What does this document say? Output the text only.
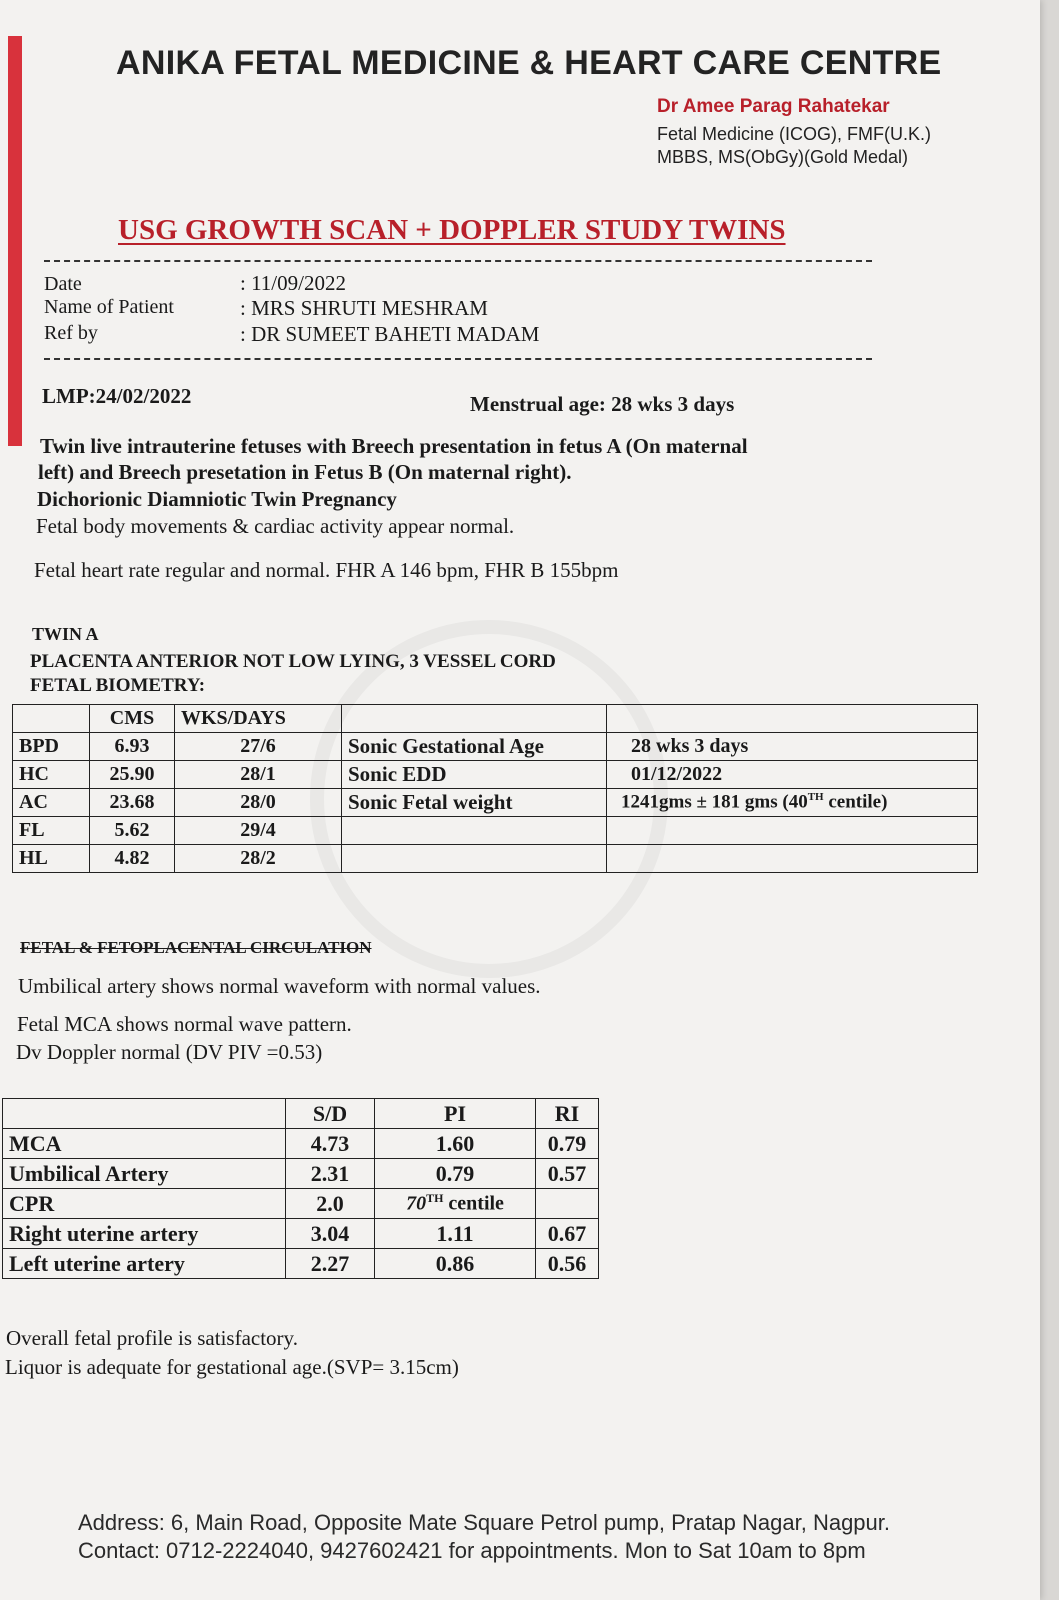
ANIKA FETAL MEDICINE & HEART CARE CENTRE
Dr Amee Parag Rahatekar
Fetal Medicine (ICOG), FMF(U.K.)
MBBS, MS(ObGy)(Gold Medal)
USG GROWTH SCAN + DOPPLER STUDY TWINS
Date	: 11/09/2022
Name of Patient	: MRS SHRUTI MESHRAM
Ref by	: DR SUMEET BAHETI MADAM
LMP:24/02/2022	Menstrual age: 28 wks 3 days
Twin live intrauterine fetuses with Breech presentation in fetus A (On maternal
left) and Breech presetation in Fetus B (On maternal right).
Dichorionic Diamniotic Twin Pregnancy
Fetal body movements & cardiac activity appear normal.
Fetal heart rate regular and normal. FHR A 146 bpm, FHR B 155bpm
TWIN A
PLACENTA ANTERIOR NOT LOW LYING, 3 VESSEL CORD
FETAL BIOMETRY:
	CMS	WKS/DAYS		
BPD	6.93	27/6	Sonic Gestational Age	28 wks 3 days
HC	25.90	28/1	Sonic EDD	01/12/2022
AC	23.68	28/0	Sonic Fetal weight	1241gms ± 181 gms (40TH centile)
FL	5.62	29/4		
HL	4.82	28/2		
FETAL & FETOPLACENTAL CIRCULATION
Umbilical artery shows normal waveform with normal values.
Fetal MCA shows normal wave pattern.
Dv Doppler normal (DV PIV =0.53)
	S/D	PI	RI
MCA	4.73	1.60	0.79
Umbilical Artery	2.31	0.79	0.57
CPR	2.0	70TH centile	
Right uterine artery	3.04	1.11	0.67
Left uterine artery	2.27	0.86	0.56
Overall fetal profile is satisfactory.
Liquor is adequate for gestational age.(SVP= 3.15cm)
Address: 6, Main Road, Opposite Mate Square Petrol pump, Pratap Nagar, Nagpur.
Contact: 0712-2224040, 9427602421 for appointments. Mon to Sat 10am to 8pm
